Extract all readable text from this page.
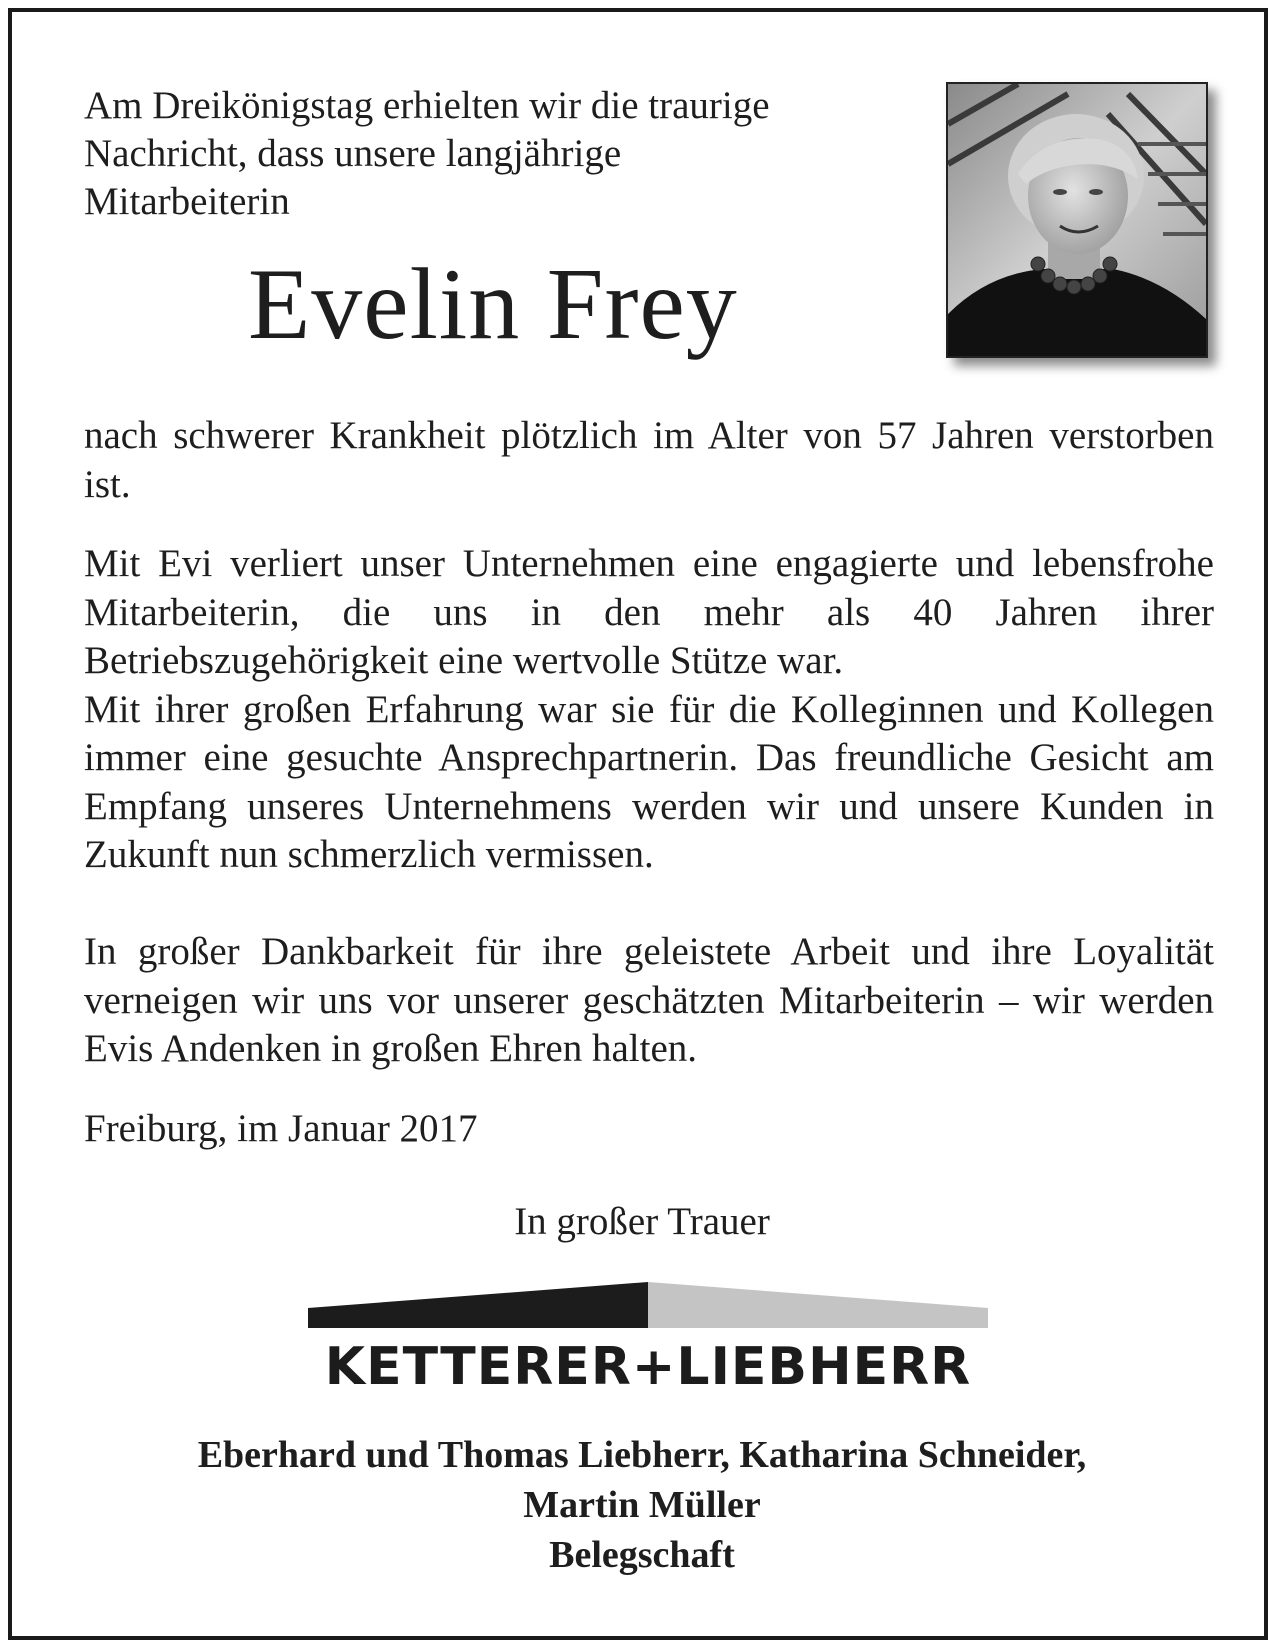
Am Dreikönigstag erhielten wir die traurige
Nachricht, dass unsere langjährige
Mitarbeiterin

Evelin Frey

nach schwerer Krankheit plötzlich im Alter von 57 Jahren verstorben ist.

Mit Evi verliert unser Unternehmen eine engagierte und lebensfrohe Mitarbeiterin, die uns in den mehr als 40 Jahren ihrer Betriebszugehörigkeit eine wertvolle Stütze war.
Mit ihrer großen Erfahrung war sie für die Kolleginnen und Kollegen immer eine gesuchte Ansprechpartnerin. Das freundliche Gesicht am Empfang unseres Unternehmens werden wir und unsere Kunden in Zukunft nun schmerzlich vermissen.

In großer Dankbarkeit für ihre geleistete Arbeit und ihre Loyalität verneigen wir uns vor unserer geschätzten Mitarbeiterin – wir werden Evis Andenken in großen Ehren halten.

Freiburg, im Januar 2017

In großer Trauer

KETTERER+LIEBHERR

Eberhard und Thomas Liebherr, Katharina Schneider,
Martin Müller
Belegschaft
